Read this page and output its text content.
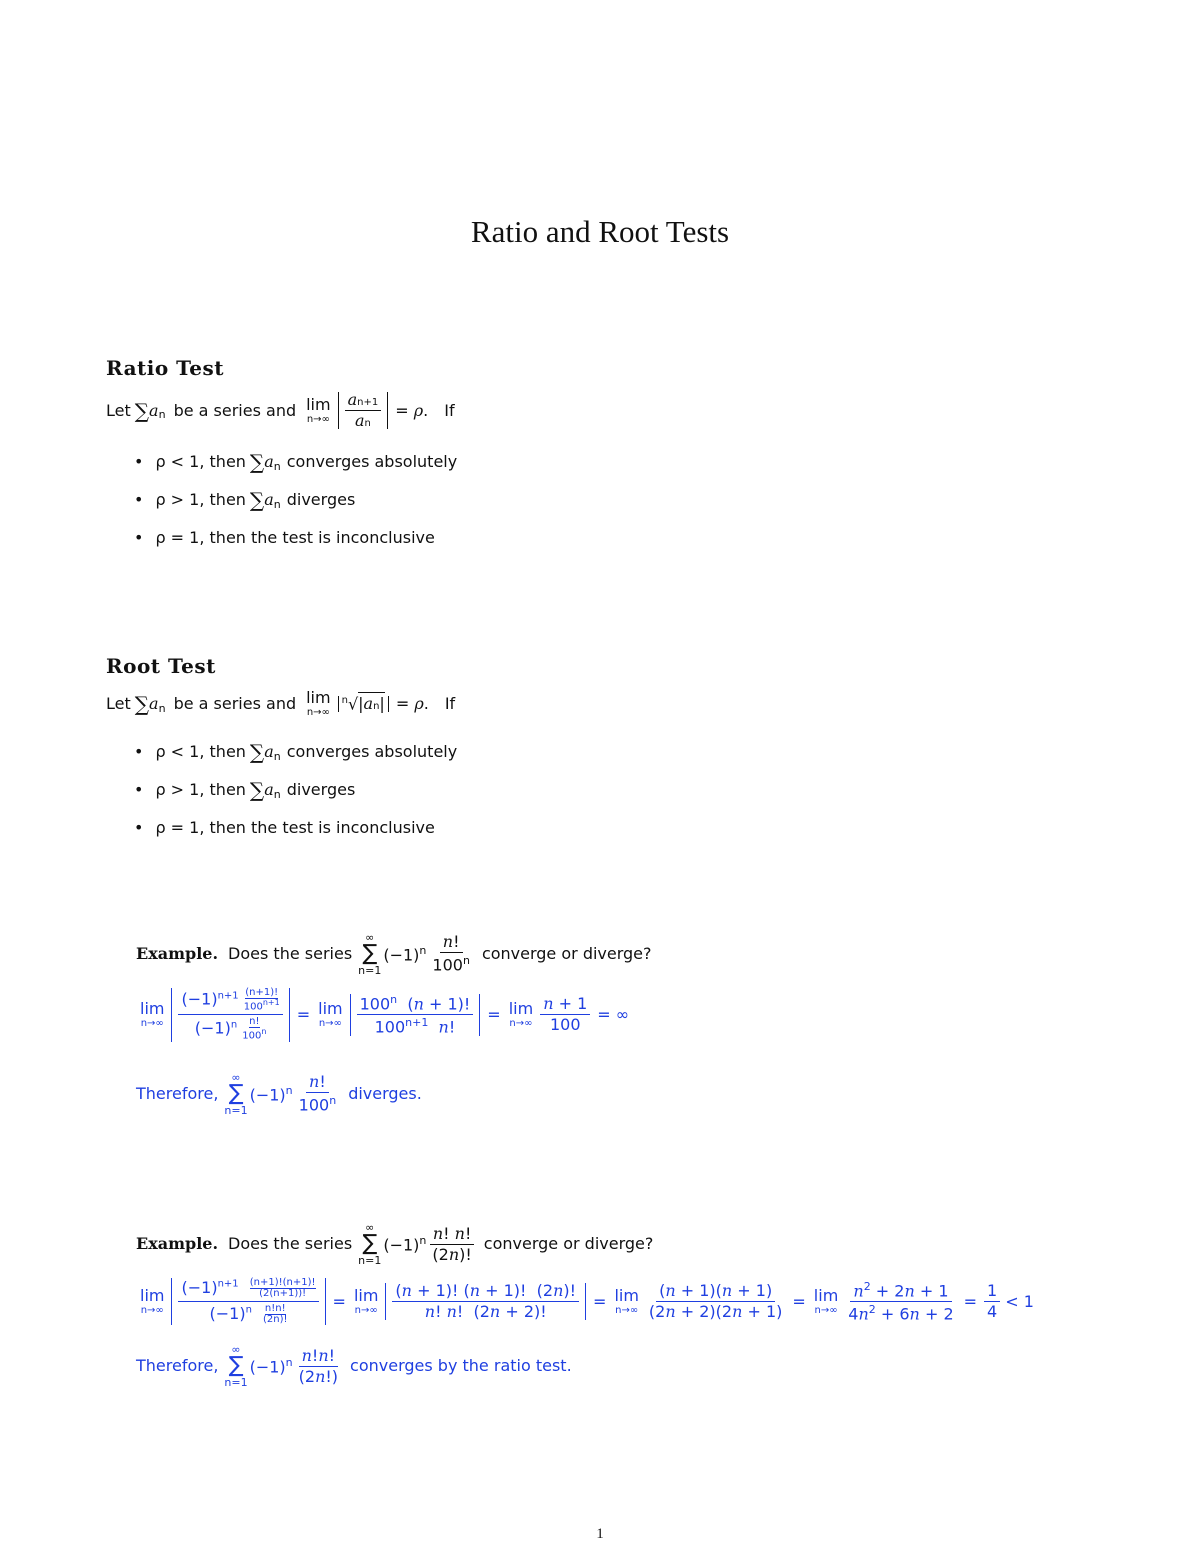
Ratio and Root Tests
Ratio Test
Let ∑ a n be a series and lim
$n\to\infty \frac{an+1}{an} = \rho$. If
• ρ < 1, then ∑ a n converges absolutely
• ρ > 1, then ∑ a n diverges
• ρ = 1, then the test is inconclusive
Root Test
Let ∑ a n be a series and lim
n→∞
$^n$√|an| = ρ. If
• ρ < 1, then ∑ a n converges absolutely
• ρ > 1, then ∑ a n diverges
• ρ = 1, then the test is inconclusive
Example. Does the series
∞
∑
n=1
$(-1)^n \frac{n!}{100^n}$ converge or diverge?
lim
$n\to\infty \frac{(-1)^{n+1} \frac{(n+1)!}{100^{n+1}}}{(-1)^n \frac{n!}{100^n}} = \lim$
$n\to\infty \frac{100^n (n + 1)!}{100^{n+1} n!} = \lim$
$n\to\infty \frac{n + 1}{100}$ = ∞
Therefore,
∞
∑
n=1
$(-1)^n \frac{n!}{100^n}$ diverges.
Example. Does the series
∞
∑
n=1
$(-1)^n \frac{n! n!}{(2n)!}$ converge or diverge?
lim
$n\to\infty \frac{(-1)^{n+1} \frac{(n+1)!(n+1)!}{(2(n+1))!}}{(-1)^n \frac{n!n!}{(2n)!}} = \lim$
$n\to\infty \frac{(n + 1)! (n + 1)! (2n)!}{n! n! (2n + 2)!} = \lim$
$n\to\infty \frac{(n + 1)(n + 1)}{(2n + 2)(2n + 1)} = \lim$
$n\to\infty \frac{n^2 + 2n + 1}{4n^2 + 6n + 2} = \frac{1}{4} < 1$
Therefore,
∞
∑
n=1
$(-1)^n \frac{n!n!}{(2n!)}$ converges by the ratio test.
1
